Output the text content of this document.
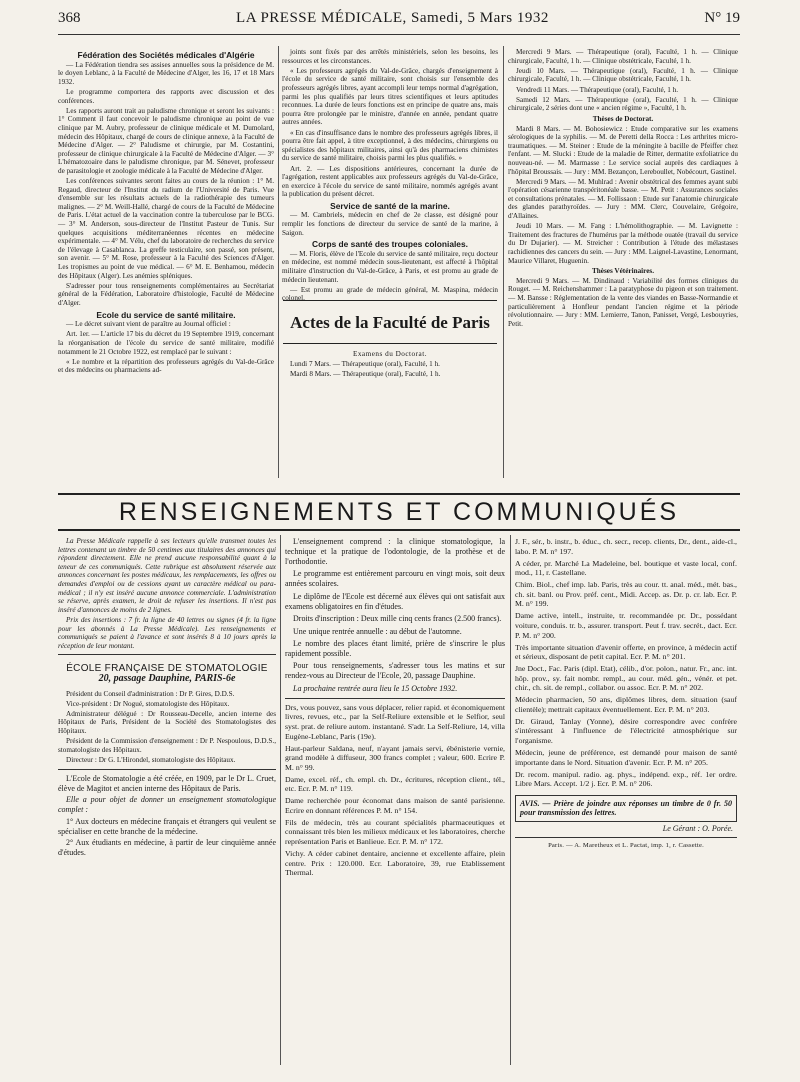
368	LA PRESSE MÉDICALE, Samedi, 5 Mars 1932	N° 19
Fédération des Sociétés médicales d'Algérie

— La Fédération tiendra ses assises annuelles sous la présidence de M. le doyen Leblanc, à la Faculté de Médecine d'Alger, les 16, 17 et 18 Mars 1932.

Le programme comportera des rapports avec discussion et des conférences.

Les rapports auront trait au paludisme chronique et seront les suivants : 1° Comment il faut concevoir le paludisme chronique au point de vue clinique par M. Aubry, professeur de clinique médicale et M. Dumolard, médecin des Hôpitaux, chargé de cours de clinique annexe, à la Faculté de Médecine d'Alger. — 2° Paludisme et chirurgie, par M. Costantini, professeur de clinique chirurgicale à la Faculté de Médecine d'Alger. — 3° L'hématozoaire dans le paludisme chronique, par M. Sénevet, professeur de parasitologie et zoologie médicale à la Faculté de Médecine d'Alger.

Les conférences suivantes seront faites au cours de la réunion : 1° M. Regaud, directeur de l'Institut du radium de l'Université de Paris. Vue d'ensemble sur les résultats actuels de la radiothérapie des tumeurs malignes. — 2° M. Weill-Hallé, chargé de cours de la Faculté de Médecine de Paris. L'état actuel de la vaccination contre la tuberculose par le BCG. — 3° M. Anderson, sous-directeur de l'Institut Pasteur de Tunis. Sur quelques acquisitions méditerranéennes récentes en médecine expérimentale. — 4° M. Vélu, chef du laboratoire de recherches du service de l'élevage à Casablanca. La greffe testiculaire, son passé, son présent, son avenir. — 5° M. Rose, professeur à la Faculté des Sciences d'Alger. Les tropismes au point de vue médical. — 6° M. E. Benhamou, médecin des Hôpitaux (Alger). Les anémies spléniques.

S'adresser pour tous renseignements complémentaires au Secrétariat général de la Fédération, Laboratoire d'histologie, Faculté de Médecine d'Alger.

Ecole du service de santé militaire.

— Le décret suivant vient de paraître au Journal officiel :

Art. 1er. — L'article 17 bis du décret du 19 Septembre 1919, concernant la réorganisation de l'école du service de santé militaire, modifié notamment le 21 Octobre 1922, est remplacé par le suivant :

« Le nombre et la répartition des professeurs agrégés du Val-de-Grâce et des médecins ou pharmaciens ad-

joints sont fixés par des arrêtés ministériels, selon les besoins, les ressources et les circonstances.

« Les professeurs agrégés du Val-de-Grâce, chargés d'enseignement à l'école du service de santé militaire, sont choisis sur l'ensemble des professeurs agrégés libres, ayant accompli leur temps normal d'agrégation, parmi les plus qualifiés par leurs titres scientifiques et leurs aptitudes reconnues. La durée de leurs fonctions est en principe de quatre ans, mais pourra être prolongée par le ministre, d'année en année, pendant quatre autres années.

« En cas d'insuffisance dans le nombre des professeurs agrégés libres, il pourra être fait appel, à titre exceptionnel, à des médecins, chirurgiens ou spécialistes des hôpitaux militaires, ainsi qu'à des pharmaciens chimistes du service de santé militaire, choisis parmi les plus qualifiés. »

Art. 2. — Les dispositions antérieures, concernant la durée de l'agrégation, restent applicables aux professeurs agrégés du Val-de-Grâce, en exercice à l'école du service de santé militaire, nommés agrégés avant la publication du présent décret.

Service de santé de la marine.

— M. Cambriels, médecin en chef de 2e classe, est désigné pour remplir les fonctions de directeur du service de santé de la marine, à Saigon.

Corps de santé des troupes coloniales.

— M. Floris, élève de l'Ecole du service de santé militaire, reçu docteur en médecine, est nommé médecin sous-lieutenant, est affecté à l'hôpital militaire d'instruction du Val-de-Grâce, à Paris, et est promu au grade de médecin lieutenant.

— Est promu au grade de médecin général, M. Maspina, médecin colonel.

Actes de la Faculté de Paris
Examens du Doctorat.

Lundi 7 Mars. — Thérapeutique (oral), Faculté, 1 h.

Mardi 8 Mars. — Thérapeutique (oral), Faculté, 1 h.

Mercredi 9 Mars. — Thérapeutique (oral), Faculté, 1 h. — Clinique chirurgicale, Faculté, 1 h. — Clinique obstétricale, Faculté, 1 h.

Jeudi 10 Mars. — Thérapeutique (oral), Faculté, 1 h. — Clinique chirurgicale, Faculté, 1 h. — Clinique obstétricale, Faculté, 1 h.

Vendredi 11 Mars. — Thérapeutique (oral), Faculté, 1 h.

Samedi 12 Mars. — Thérapeutique (oral), Faculté, 1 h. — Clinique chirurgicale, 2 séries dont une « ancien régime », Faculté, 1 h.

Thèses de Doctorat.

Mardi 8 Mars. — M. Bohosiewicz : Etude comparative sur les examens sérologiques de la syphilis. — M. de Peretti della Rocca : Les arthrites micro-traumatiques. — M. Steiner : Etude de la méningite à bacille de Pfeiffer chez l'enfant. — M. Slucki : Etude de la maladie de Ritter, dermatite exfoliatrice du nouveau-né. — M. Marmasse : Le service social auprès des cardiaques à l'hôpital Broussais. — Jury : MM. Bezançon, Lereboullet, Nobécourt, Gastinel.

Mercredi 9 Mars. — M. Muhlrad : Avenir obstétrical des femmes ayant subi l'opération césarienne transpéritonéale basse. — M. Petit : Assurances sociales et consultations prénatales. — M. Follissaon : Etude sur l'anatomie chirurgicale des glandes parathyroïdes. — Jury : MM. Clerc, Couvelaire, Grégoire, d'Allaines.

Jeudi 10 Mars. — M. Fang : L'hémolithographie. — M. Lavignette : Traitement des fractures de l'humérus par la méthode ouatée (travail du service du Dr Dujarier). — M. Streicher : Contribution à l'étude des mélastases rachidiennes des cancers du sein. — Jury : MM. Laignel-Lavastine, Lenormant, Maurice Villaret, Huguenin.

Thèses Vétérinaires.

Mercredi 9 Mars. — M. Dindinaud : Variabilité des formes cliniques du Rouget. — M. Reichenshammer : La paratyphose du pigeon et son traitement. — M. Bansse : Réglementation de la vente des viandes en Basse-Normandie et particulièrement à Honfleur pendant l'ancien régime et la période révolutionnaire. — Jury : MM. Lemierre, Tanon, Panisset, Vergé, Lesbouyries, Petit.

RENSEIGNEMENTS ET COMMUNIQUÉS

La Presse Médicale rappelle à ses lecteurs qu'elle transmet toutes les lettres contenant un timbre de 50 centimes aux titulaires des annonces qui répondent directement. Elle ne prend aucune responsabilité quant à la teneur de ces communiqués. Cette rubrique est absolument réservée aux annonces concernant les postes médicaux, les remplacements, les offres ou demandes d'emploi ou de cessions ayant un caractère médical ou para-médical ; il n'y est inséré aucune annonce commerciale. L'administration se réserve, après examen, le droit de refuser les insertions. Il n'est pas inséré d'annonces de moins de 2 lignes.

Prix des insertions : 7 fr. la ligne de 40 lettres ou signes (4 fr. la ligne pour les abonnés à La Presse Médicale). Les renseignements et communiqués se paient à l'avance et sont insérés 8 à 10 jours après la réception de leur montant.

ÉCOLE FRANÇAISE DE STOMATOLOGIE
20, passage Dauphine, PARIS-6e

Président du Conseil d'administration : Dr P. Gires, D.D.S.

Vice-président : Dr Nogué, stomatologiste des Hôpitaux.

Administrateur délégué : Dr Rousseau-Decelle, ancien interne des Hôpitaux de Paris, Président de la Société des Stomatologistes des Hôpitaux.

Président de la Commission d'enseignement : Dr P. Nespoulous, D.D.S., stomatologiste des Hôpitaux.

Directeur : Dr G. L'Hirondel, stomatologiste des Hôpitaux.

L'Ecole de Stomatologie a été créée, en 1909, par le Dr L. Cruet, élève de Magitot et ancien interne des Hôpitaux de Paris.

Elle a pour objet de donner un enseignement stomatologique complet :

1° Aux docteurs en médecine français et étrangers qui veulent se spécialiser en cette branche de la médecine.

2° Aux étudiants en médecine, à partir de leur cinquième année d'études.

L'enseignement comprend : la clinique stomatologique, la technique et la pratique de l'odontologie, de la prothèse et de l'orthodontie.

Le programme est entièrement parcouru en vingt mois, soit deux années scolaires.

Le diplôme de l'Ecole est décerné aux élèves qui ont satisfait aux examens obligatoires en fin d'études.

Droits d'inscription : Deux mille cinq cents francs (2.500 francs).

Une unique rentrée annuelle : au début de l'automne.

Le nombre des places étant limité, prière de s'inscrire le plus rapidement possible.

Pour tous renseignements, s'adresser tous les matins et sur rendez-vous au Directeur de l'Ecole, 20, passage Dauphine.

La prochaine rentrée aura lieu le 15 Octobre 1932.

Drs, vous pouvez, sans vous déplacer, relier rapid. et économiquement livres, revues, etc., par la Self-Reliure extensible et le Selfior, seul syst. prat. de reliure autom. instantané. S'adr. La Self-Reliure, 14, villa Eugène-Leblanc, Paris (19e).

Haut-parleur Saldana, neuf, n'ayant jamais servi, ébénisterie vernie, grand modèle à diffuseur, 300 francs complet ; valeur, 600. Ecrire P. M. n° 99.

Dame, excel. réf., ch. empl. ch. Dr., écritures, réception client., tél., etc. Ecr. P. M. n° 119.

Dame recherchée pour économat dans maison de santé parisienne. Ecrire en donnant références P. M. n° 154.

Fils de médecin, très au courant spécialités pharmaceutiques et connaissant très bien les milieux médicaux et les laboratoires, cherche représentation Paris et Banlieue. Ecr. P. M. n° 172.

Vichy. A céder cabinet dentaire, ancienne et excellente affaire, plein centre. Prix : 120.000. Ecr. Laboratoire, 39, rue Etablissement Thermal.

J. F., sér., b. instr., b. éduc., ch. secr., recep. clients, Dr., dent., aide-cl., labo. P. M. n° 197.

A céder, pr. Marché La Madeleine, bel. boutique et vaste local, conf. mod., 11, r. Castellane.

Chim. Biol., chef imp. lab. Paris, très au cour. tt. anal. méd., mét. bas., ch. sit. banl. ou Prov. préf. cent., Midi. Accep. as. Dr. p. cr. lab. Ecr. P. M. n° 199.

Dame active, intell., instruite, tr. recommandée pr. Dr., possédant voiture, conduis. tr. b., assurer. transport. Peut f. trav. secrét., dact. Ecr. P. M. n° 200.

Très importante situation d'avenir offerte, en province, à médecin actif et sérieux, disposant de petit capital. Ecr. P. M. n° 201.

Jne Doct., Fac. Paris (dipl. Etat), célib., d'or. polon., natur. Fr., anc. int. hôp. prov., sy. fait nombr. rempl., au cour. méd. gén., vénér. et pet. chir., ch. sit. de rempl., collabor. ou assoc. Ecr. P. M. n° 202.

Médecin pharmacien, 50 ans, diplômes libres, dem. situation (sauf clientèle); mettrait capitaux éventuellement. Ecr. P. M. n° 203.

Dr. Giraud, Tanlay (Yonne), désire correspondre avec confrère s'intéressant à l'influence de l'électricité atmosphérique sur l'organisme.

Médecin, jeune de préférence, est demandé pour maison de santé importante dans le Nord. Situation d'avenir. Ecr. P. M. n° 205.

Dr. recom. manipul. radio. ag. phys., indépend. exp., réf. 1er ordre. Libre Mars. Accept. 1/2 j. Ecr. P. M. n° 206.

AVIS. — Prière de joindre aux réponses un timbre de 0 fr. 50 pour transmission des lettres.
Le Gérant : O. Porée.
Paris. — A. Maretheux et L. Pactat, imp. 1, r. Cassette.
